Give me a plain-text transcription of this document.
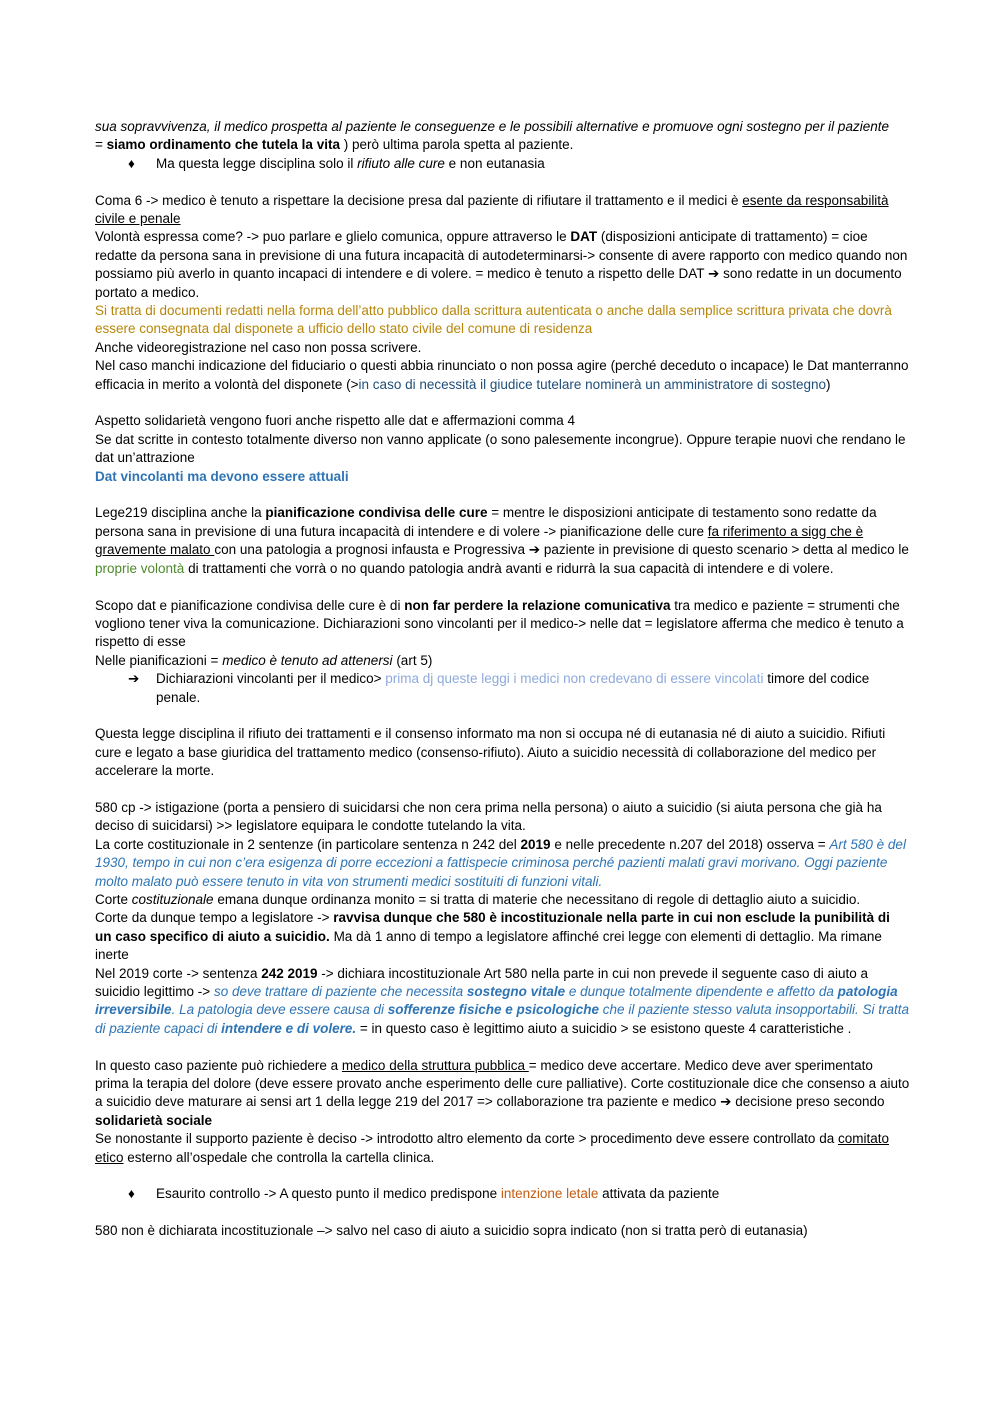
sua sopravvivenza, il medico prospetta al paziente le conseguenze e le possibili alternative e promuove ogni sostegno per il paziente
= siamo ordinamento che tutela la vita ) però ultima parola spetta al paziente.

♦ Ma questa legge disciplina solo il rifiuto alle cure e non eutanasia

Coma 6 -> medico è tenuto a rispettare la decisione presa dal paziente di rifiutare il trattamento e il medici è esente da responsabilità civile e penale

Volontà espressa come? -> puo parlare e glielo comunica, oppure attraverso le DAT (disposizioni anticipate di trattamento) = cioe redatte da persona sana in previsione di una futura incapacità di autodeterminarsi-> consente di avere rapporto con medico quando non possiamo più averlo in quanto incapaci di intendere e di volere. = medico è tenuto a rispetto delle DAT ➔ sono redatte in un documento portato a medico.

Si tratta di documenti redatti nella forma dell’atto pubblico dalla scrittura autenticata o anche dalla semplice scrittura privata che dovrà essere consegnata dal disponete a ufficio dello stato civile del comune di residenza

Anche videoregistrazione nel caso non possa scrivere.

Nel caso manchi indicazione del fiduciario o questi abbia rinunciato o non possa agire (perché deceduto o incapace) le Dat manterranno efficacia in merito a volontà del disponete (>in caso di necessità il giudice tutelare nominerà un amministratore di sostegno)

Aspetto solidarietà vengono fuori anche rispetto alle dat e affermazioni comma 4

Se dat scritte in contesto totalmente diverso non vanno applicate (o sono palesemente incongrue). Oppure terapie nuovi che rendano le dat un’attrazione

Dat vincolanti ma devono essere attuali

Lege219 disciplina anche la pianificazione condivisa delle cure = mentre le disposizioni anticipate di testamento sono redatte da persona sana in previsione di una futura incapacità di intendere e di volere -> pianificazione delle cure fa riferimento a sigg che è gravemente malato con una patologia a prognosi infausta e Progressiva ➔ paziente in previsione di questo scenario > detta al medico le proprie volontà di trattamenti che vorrà o no quando patologia andrà avanti e ridurrà la sua capacità di intendere e di volere.

Scopo dat e pianificazione condivisa delle cure è di non far perdere la relazione comunicativa tra medico e paziente = strumenti che vogliono tener viva la comunicazione. Dichiarazioni sono vincolanti per il medico-> nelle dat = legislatore afferma che medico è tenuto a rispetto di esse

Nelle pianificazioni = medico è tenuto ad attenersi (art 5)

➔ Dichiarazioni vincolanti per il medico> prima dj queste leggi i medici non credevano di essere vincolati timore del codice penale.

Questa legge disciplina il rifiuto dei trattamenti e il consenso informato ma non si occupa né di eutanasia né di aiuto a suicidio. Rifiuti cure e legato a base giuridica del trattamento medico (consenso-rifiuto). Aiuto a suicidio necessità di collaborazione del medico per accelerare la morte.

580 cp -> istigazione (porta a pensiero di suicidarsi che non cera prima nella persona) o aiuto a suicidio (si aiuta persona che già ha deciso di suicidarsi) >> legislatore equipara le condotte tutelando la vita.

La corte costituzionale in 2 sentenze (in particolare sentenza n 242 del 2019 e nelle precedente n.207 del 2018) osserva = Art 580 è del 1930, tempo in cui non c’era esigenza di porre eccezioni a fattispecie criminosa perché pazienti malati gravi morivano. Oggi paziente molto malato può essere tenuto in vita von strumenti medici sostituiti di funzioni vitali.

Corte costituzionale emana dunque ordinanza monito = si tratta di materie che necessitano di regole di dettaglio aiuto a suicidio.

Corte da dunque tempo a legislatore -> ravvisa dunque che 580 è incostituzionale nella parte in cui non esclude la punibilità di un caso specifico di aiuto a suicidio. Ma dà 1 anno di tempo a legislatore affinché crei legge con elementi di dettaglio. Ma rimane inerte

Nel 2019 corte -> sentenza 242 2019 -> dichiara incostituzionale Art 580 nella parte in cui non prevede il seguente caso di aiuto a suicidio legittimo -> so deve trattare di paziente che necessita sostegno vitale e dunque totalmente dipendente e affetto da patologia irreversibile. La patologia deve essere causa di sofferenze fisiche e psicologiche che il paziente stesso valuta insopportabili. Si tratta di paziente capaci di intendere e di volere. = in questo caso è legittimo aiuto a suicidio > se esistono queste 4 caratteristiche .

In questo caso paziente può richiedere a medico della struttura pubblica = medico deve accertare. Medico deve aver sperimentato prima la terapia del dolore (deve essere provato anche esperimento delle cure palliative). Corte costituzionale dice che consenso a aiuto a suicidio deve maturare ai sensi art 1 della legge 219 del 2017 => collaborazione tra paziente e medico ➔ decisione preso secondo solidarietà sociale

Se nonostante il supporto paziente è deciso -> introdotto altro elemento da corte > procedimento deve essere controllato da comitato etico esterno all’ospedale che controlla la cartella clinica.

♦ Esaurito controllo -> A questo punto il medico predispone intenzione letale attivata da paziente

580 non è dichiarata incostituzionale –> salvo nel caso di aiuto a suicidio sopra indicato (non si tratta però di eutanasia)
